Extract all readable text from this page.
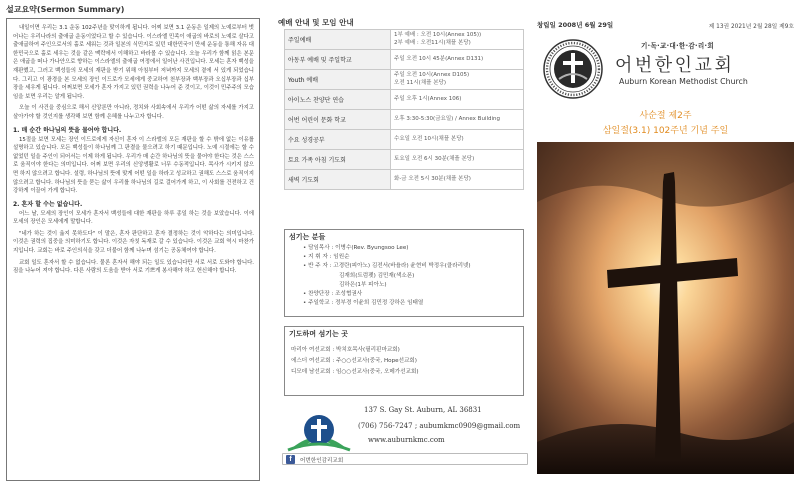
설교요약(Sermon Summary)

내일이면 우리는 3.1 운동 102주년을 맞이하게 됩니다. 어찌 보면 3.1 운동은 일제의 노예로부터 벗어나는 우리나라의 출애굽 운동이었다고 할 수 있습니다. 이스라엘 민족이 애굽의 바로의 노예로 살다고 출애굽하여 주인으로서의 홀로 세워는 것과 일본의 식민지로 있던 대한민국이 만세 운동을 통해 자유 대한민국으로 홀로 세우는 것을 같은 맥락에서 이해하고 바라볼 수 있습니다. 오늘 우리가 함께 읽은 본문은 애굽을 떠나 가나안으로 향하는 이스라엘의 출애굽 여정에서 일어난 사건입니다. 모세는 혼자 백성을 재판했고, 그러고 백성들의 모세의 재판을 받기 위해 아침부터 저녁까지 모세의 곁에 서 있게 되었습니다. 그리고 이 광경을 본 모세의 장인 이드로가 모세에게 중교하여 천부장과 백부장과 오십부장과 십부장을 세우게 됩니다. 어쩌보면 모세가 혼자 가지고 있던 권력을 나누어 준 것이고, 이것이 민주주의 모습임을 보면 우리는 알게 됩니다.

오늘 이 사건을 중심으로 해서 신앙론만 아니라, 정치와 사회속에서 우리가 어떤 삶의 자세를 가지고 살아가야 할 것인지를 생각해 보면 함께 은혜를 나누고자 합니다.

1. 매 순간 하나님의 뜻을 물어야 합니다.

15절을 보면 모세는 장인 이드로에게 자신이 혼자 이 스라엘의 모든 재판을 할 수 밖에 없는 이유를 설명하고 있습니다. 모든 백성들이 하나님께 그 판결을 물으려고 하기 때문입니다. 노예 시절에는 할 수 없었던 일을 주인이 되어서는 이제 하게 됩니다. 우리가 매 순간 하나님의 뜻을 물어야 한다는 것은 스스로 움직이야 한다는 의미입니다. 어쩌 보면 우리의 신앙생활로 너무 수동적입니다. 목사가 시키지 않으면 하지 않으려고 합니다. 설령, 하나님의 뜻에 맞게 어떤 일을 하라고 성교하고 권해도 스스로 움직이지 않으려고 합니다. 하나님의 뜻을 묻는 삶이 우리를 하나님의 길로 걸어가게 하고, 이 사회를 건전하고 건강하게 이끌어 가게 합니다.

2. 혼자 할 수는 없습니다.

어느 날, 모세의 장인이 모세가 혼자서 백성들에 대한 재판을 하루 종일 하는 것을 보았습니다. 이에 모세의 장인은 모세에게 말합니다.

"네가 하는 것이 옳지 못하도다" 이 말은, 혼자 판단하고 혼자 결정하는 것이 악하다는 의미입니다. 이것은 권력의 집중을 의미하기도 합니다. 이것은 자칫 독재로 갈 수 있습니다. 이것은 교회 역시 마찬가지입니다. 교회는 바로 주인의식을 갖고 더불어 함께 나누며 섬기는 공동체여야 합니다.

교회 일도 혼자서 할 수 없습니다. 물론 혼자서 해야 되는 일도 있습니다만 서로 서로 도와야 합니다. 짐을 나누어 져야 합니다. 다른 사람의 도움을 받아 서로 기쁘게 봉사해야 하고 헌신해야 합니다.

예배 안내 및 모임 안내
주일예배	1부 예배 : 오전 10시(Annex 105))
2부 예배 : 오전11시(채플 본당)

아동부 예배 및 주일학교	주일 오전 10시 45분(Annex D131)

Youth 예배	주일 오전 10시(Annex D105)
오전 11시(채플 본당)

아이노스 찬양단 연습	주일 오후 1시(Annex 106)

어번 어린이 문화 학교	오후 3:30-5:30(금요일) / Annex Building

수요 성경공부	수요일 오전 10시(채플 본당)

토요 가족 아침 기도회	토요일 오전 6시 30분(채플 본당)

새벽 기도회	화-금 오전 5시 30분(채플 본당)
섬기는 분들
• 담임목사 : 이병수(Rev. Byungsoo Lee)
• 지 휘 자 : 임원순
• 반 주 자 : 고경란(피아노) 김전서(바욜라) 윤현비 박정우(클라리넷)
김재희(트럼펫) 김민재(색소폰)
김하은(1부 피아노)
• 찬양단장 : 조성협권사
• 주일학교 : 정부경 이윤희 김민정 강하은 임태열
기도하며 섬기는 곳
마리아 여선교회 : 박치호목사(필리핀마교회)
에스더 여선교회 : 주○○선교사(중국, Hope선교회)
디모데 남선교회 : 임○○선교사(중국, 오메가선교회)
137 S. Gay St. Auburn, AL 36831
(706) 756-7247 ; aubumkmc0909@gmail.com
www.auburnkmc.com
f	어번한인감리교회
창립일 2008년 6월 29일	제 13권 2021년 2월 28일 제9호
기·독·교·대·한·감·리·회
어번한인교회
Auburn Korean Methodist Church
사순절 제2주
삼일절(3.1) 102주년 기념 주일
